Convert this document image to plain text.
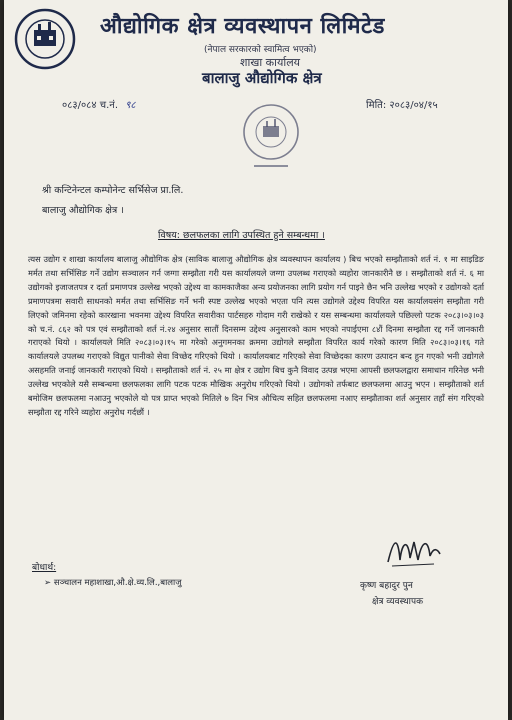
औद्योगिक क्षेत्र व्यवस्थापन लिमिटेड
(नेपाल सरकारको स्वामित्व भएको)
शाखा कार्यालय
बालाजु औद्योगिक क्षेत्र
०८३/०८४ च.नं. ९८	मिति: २०८३/०४/१५
श्री कन्टिनेन्टल कम्पोनेन्ट सर्भिसेज प्रा.लि.
बालाजु औद्योगिक क्षेत्र ।
विषय: छलफलका लागि उपस्थित हुने सम्बन्धमा ।
त्यस उद्योग र शाखा कार्यालय बालाजु औद्योगिक क्षेत्र (साविक बालाजु औद्योगिक क्षेत्र व्यवस्थापन कार्यालय ) बिच भएको सम्झौताको शर्त नं. १ मा साइडिङ मर्मत तथा सर्भिसिङ गर्ने उद्योग सञ्चालन गर्न जग्गा सम्झौता गरी यस कार्यालयले जग्गा उपलब्ध गराएको व्यहोरा जानकारीनै छ । सम्झौताको शर्त नं. ६ मा उद्योगको इजाजतपत्र र दर्ता प्रमाणपत्र उल्लेख भएको उद्देश्य वा कामकाजैका अन्य प्रयोजनका लागि प्रयोग गर्न पाइने छैन भनि उल्लेख भएको र उद्योगको दर्ता प्रमाणपत्रमा सवारी साधनको मर्मत तथा सर्भिसिङ गर्ने भनी स्पष्ट उल्लेख भएको भएता पनि त्यस उद्योगले उद्देश्य विपरित यस कार्यालयसंग सम्झौता गरी लिएको जमिनमा रहेको कारखाना भवनमा उद्देश्य विपरित सवारीका पार्टसहरु गोदाम गरी राखेको र यस सम्बन्धमा कार्यालयले पछिल्लो पटक २०८३।०३।०३ को च.नं. ८६२ को पत्र एवं सम्झौताको शर्त नं.२४ अनुसार सातौं दिनसम्म उद्देश्य अनुसारको काम भएको नपाईएमा ८४ौं दिनमा सम्झौता रद्द गर्ने जानकारी गराएको थियो । कार्यालयले मिति २०८३।०३।१५ मा गरेको अनुगमनका क्रममा उद्योगले सम्झौता विपरित कार्य गरेको कारण मिति २०८३।०३।१६ गते कार्यालयले उपलब्ध गराएको विद्युत पानीको सेवा विच्छेद गरिएको थियो । कार्यालयबाट गरिएको सेवा विच्छेदका कारण उत्पादन बन्द हुन गएको भनी उद्योगले असहमति जनाई जानकारी गराएको थियो । सम्झौताको शर्त नं. २५ मा क्षेत्र र उद्योग बिच कुनै विवाद उत्पन्न भएमा आपसी छलफलद्वारा समाधान गरिनेछ भनी उल्लेख भएकोले यसै सम्बन्धमा छलफलका लागि पटक पटक मौखिक अनुरोध गरिएको थियो । उद्योगको तर्फबाट छलफलमा आउनु भएन । सम्झौताको शर्त बमोजिम छलफलमा नआउनु भएकोले यो पत्र प्राप्त भएको मितिले ७ दिन भित्र औचित्य सहित छलफलमा नआए सम्झौताका शर्त अनुसार तहाँ संग गरिएको सम्झौता रद्द गरिने व्यहोरा अनुरोध गर्दछौं ।
कृष्ण बहादुर पुन
क्षेत्र व्यवस्थापक
बोधार्थ:
➢ सञ्चालन महाशाखा,औ.क्षे.व्य.लि.,बालाजु
